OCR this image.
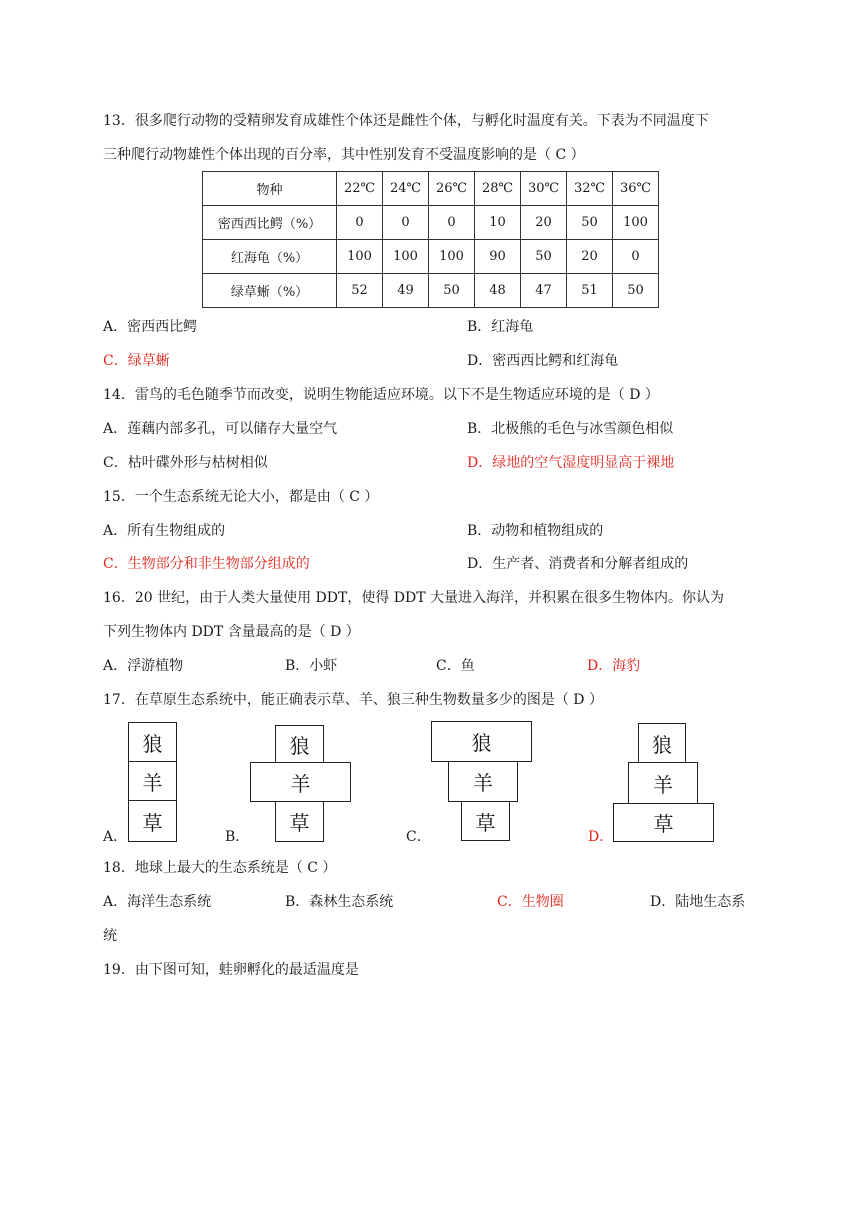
13．很多爬行动物的受精卵发育成雄性个体还是雌性个体，与孵化时温度有关。下表为不同温度下
三种爬行动物雄性个体出现的百分率，其中性别发育不受温度影响的是（ C ）
物种	22℃	24℃	26℃	28℃	30℃	32℃	36℃
密西西比鳄（%）	0	0	0	10	20	50	100
红海龟（%）	100	100	100	90	50	20	0
绿草蜥（%）	52	49	50	48	47	51	50
A．密西西比鳄	B．红海龟
C．绿草蜥	D．密西西比鳄和红海龟
14．雷鸟的毛色随季节而改变，说明生物能适应环境。以下不是生物适应环境的是（ D ）
A．莲藕内部多孔，可以储存大量空气	B．北极熊的毛色与冰雪颜色相似
C．枯叶碟外形与枯树相似	D．绿地的空气湿度明显高于裸地
15．一个生态系统无论大小，都是由（ C ）
A．所有生物组成的	B．动物和植物组成的
C．生物部分和非生物部分组成的	D．生产者、消费者和分解者组成的
16．20 世纪，由于人类大量使用 DDT，使得 DDT 大量进入海洋，并积累在很多生物体内。你认为
下列生物体内 DDT 含量最高的是（ D ）
A．浮游植物	B．小虾	C．鱼	D．海豹
17．在草原生态系统中，能正确表示草、羊、狼三种生物数量多少的图是（ D ）
狼
羊
草
A．
狼
羊
草
B．
狼
羊
草
C．
狼
羊
草
D．
18．地球上最大的生态系统是（ C ）
A．海洋生态系统	B．森林生态系统	C．生物圈	D．陆地生态系
统
19．由下图可知，蛙卵孵化的最适温度是
